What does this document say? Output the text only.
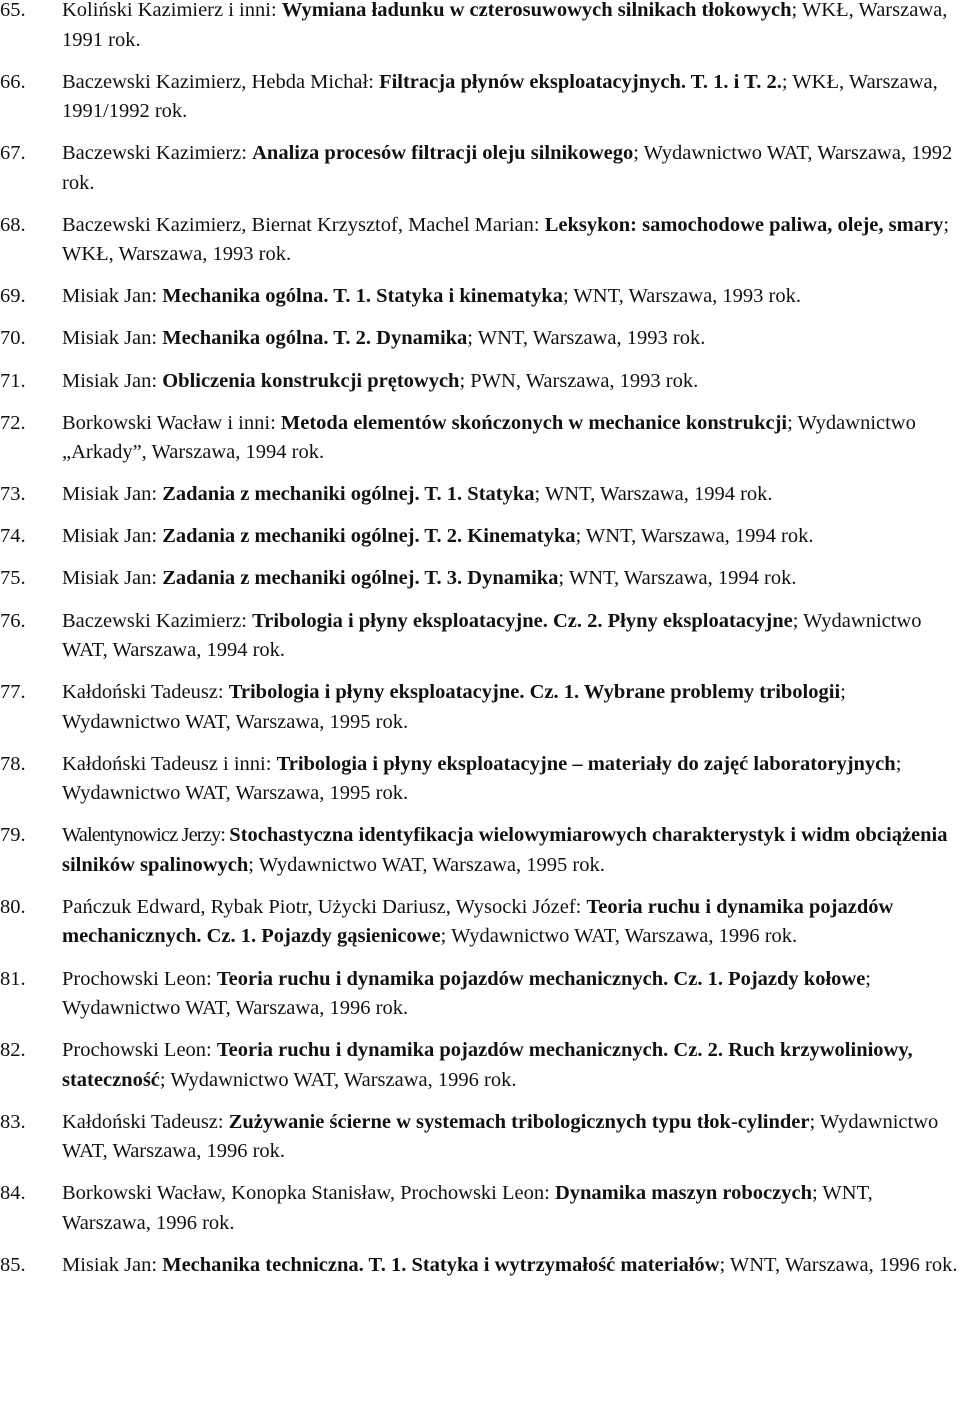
65.	Koliński Kazimierz i inni: Wymiana ładunku w czterosuwowych silnikach tłokowych; WKŁ, Warszawa, 1991 rok.
66.	Baczewski Kazimierz, Hebda Michał: Filtracja płynów eksploatacyjnych. T. 1. i T. 2.; WKŁ, Warszawa, 1991/1992 rok.
67.	Baczewski Kazimierz: Analiza procesów filtracji oleju silnikowego; Wydawnictwo WAT, Warszawa, 1992 rok.
68.	Baczewski Kazimierz, Biernat Krzysztof, Machel Marian: Leksykon: samochodowe paliwa, oleje, smary; WKŁ, Warszawa, 1993 rok.
69.	Misiak Jan: Mechanika ogólna. T. 1. Statyka i kinematyka; WNT, Warszawa, 1993 rok.
70.	Misiak Jan: Mechanika ogólna. T. 2. Dynamika; WNT, Warszawa, 1993 rok.
71.	Misiak Jan: Obliczenia konstrukcji prętowych; PWN, Warszawa, 1993 rok.
72.	Borkowski Wacław i inni: Metoda elementów skończonych w mechanice konstrukcji; Wydawnictwo „Arkady”, Warszawa, 1994 rok.
73.	Misiak Jan: Zadania z mechaniki ogólnej. T. 1. Statyka; WNT, Warszawa, 1994 rok.
74.	Misiak Jan: Zadania z mechaniki ogólnej. T. 2. Kinematyka; WNT, Warszawa, 1994 rok.
75.	Misiak Jan: Zadania z mechaniki ogólnej. T. 3. Dynamika; WNT, Warszawa, 1994 rok.
76.	Baczewski Kazimierz: Tribologia i płyny eksploatacyjne. Cz. 2. Płyny eksploatacyjne; Wydawnictwo WAT, Warszawa, 1994 rok.
77.	Kałdoński Tadeusz: Tribologia i płyny eksploatacyjne. Cz. 1. Wybrane problemy tribologii; Wydawnictwo WAT, Warszawa, 1995 rok.
78.	Kałdoński Tadeusz i inni: Tribologia i płyny eksploatacyjne – materiały do zajęć laboratoryjnych; Wydawnictwo WAT, Warszawa, 1995 rok.
79.	Walentynowicz Jerzy: Stochastyczna identyfikacja wielowymiarowych charakterystyk i widm obciążenia silników spalinowych; Wydawnictwo WAT, Warszawa, 1995 rok.
80.	Pańczuk Edward, Rybak Piotr, Użycki Dariusz, Wysocki Józef: Teoria ruchu i dynamika pojazdów mechanicznych. Cz. 1. Pojazdy gąsienicowe; Wydawnictwo WAT, Warszawa, 1996 rok.
81.	Prochowski Leon: Teoria ruchu i dynamika pojazdów mechanicznych. Cz. 1. Pojazdy kołowe; Wydawnictwo WAT, Warszawa, 1996 rok.
82.	Prochowski Leon: Teoria ruchu i dynamika pojazdów mechanicznych. Cz. 2. Ruch krzywoliniowy, stateczność; Wydawnictwo WAT, Warszawa, 1996 rok.
83.	Kałdoński Tadeusz: Zużywanie ścierne w systemach tribologicznych typu tłok-cylinder; Wydawnictwo WAT, Warszawa, 1996 rok.
84.	Borkowski Wacław, Konopka Stanisław, Prochowski Leon: Dynamika maszyn roboczych; WNT, Warszawa, 1996 rok.
85.	Misiak Jan: Mechanika techniczna. T. 1. Statyka i wytrzymałość materiałów; WNT, Warszawa, 1996 rok.
